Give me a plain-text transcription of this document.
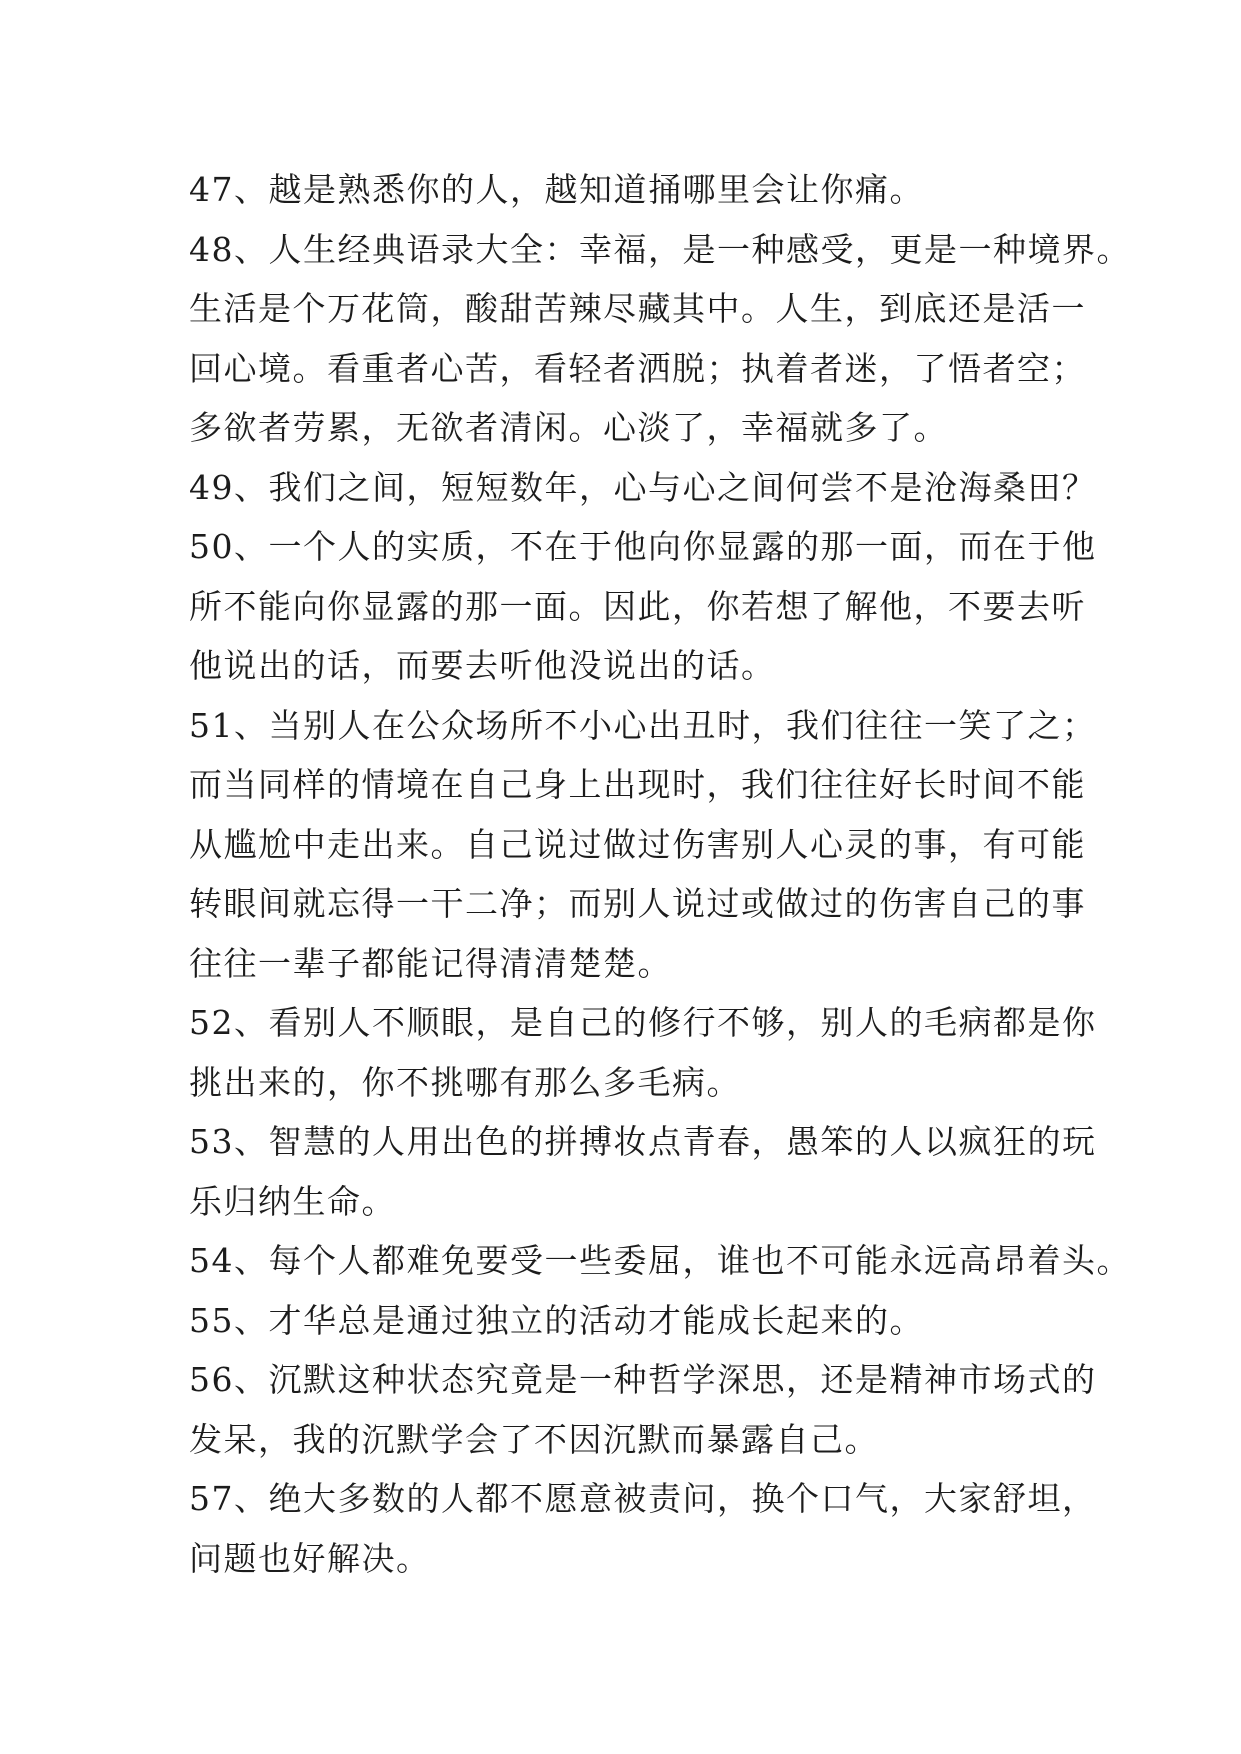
47、越是熟悉你的人，越知道捅哪里会让你痛。
48、人生经典语录大全：幸福，是一种感受，更是一种境界。
生活是个万花筒，酸甜苦辣尽藏其中。人生，到底还是活一
回心境。看重者心苦，看轻者洒脱；执着者迷，了悟者空；
多欲者劳累，无欲者清闲。心淡了，幸福就多了。
49、我们之间，短短数年，心与心之间何尝不是沧海桑田？
50、一个人的实质，不在于他向你显露的那一面，而在于他
所不能向你显露的那一面。因此，你若想了解他，不要去听
他说出的话，而要去听他没说出的话。
51、当别人在公众场所不小心出丑时，我们往往一笑了之；
而当同样的情境在自己身上出现时，我们往往好长时间不能
从尴尬中走出来。自己说过做过伤害别人心灵的事，有可能
转眼间就忘得一干二净；而别人说过或做过的伤害自己的事
往往一辈子都能记得清清楚楚。
52、看别人不顺眼，是自己的修行不够，别人的毛病都是你
挑出来的，你不挑哪有那么多毛病。
53、智慧的人用出色的拼搏妆点青春，愚笨的人以疯狂的玩
乐归纳生命。
54、每个人都难免要受一些委屈，谁也不可能永远高昂着头。
55、才华总是通过独立的活动才能成长起来的。
56、沉默这种状态究竟是一种哲学深思，还是精神市场式的
发呆，我的沉默学会了不因沉默而暴露自己。
57、绝大多数的人都不愿意被责问，换个口气，大家舒坦，
问题也好解决。
